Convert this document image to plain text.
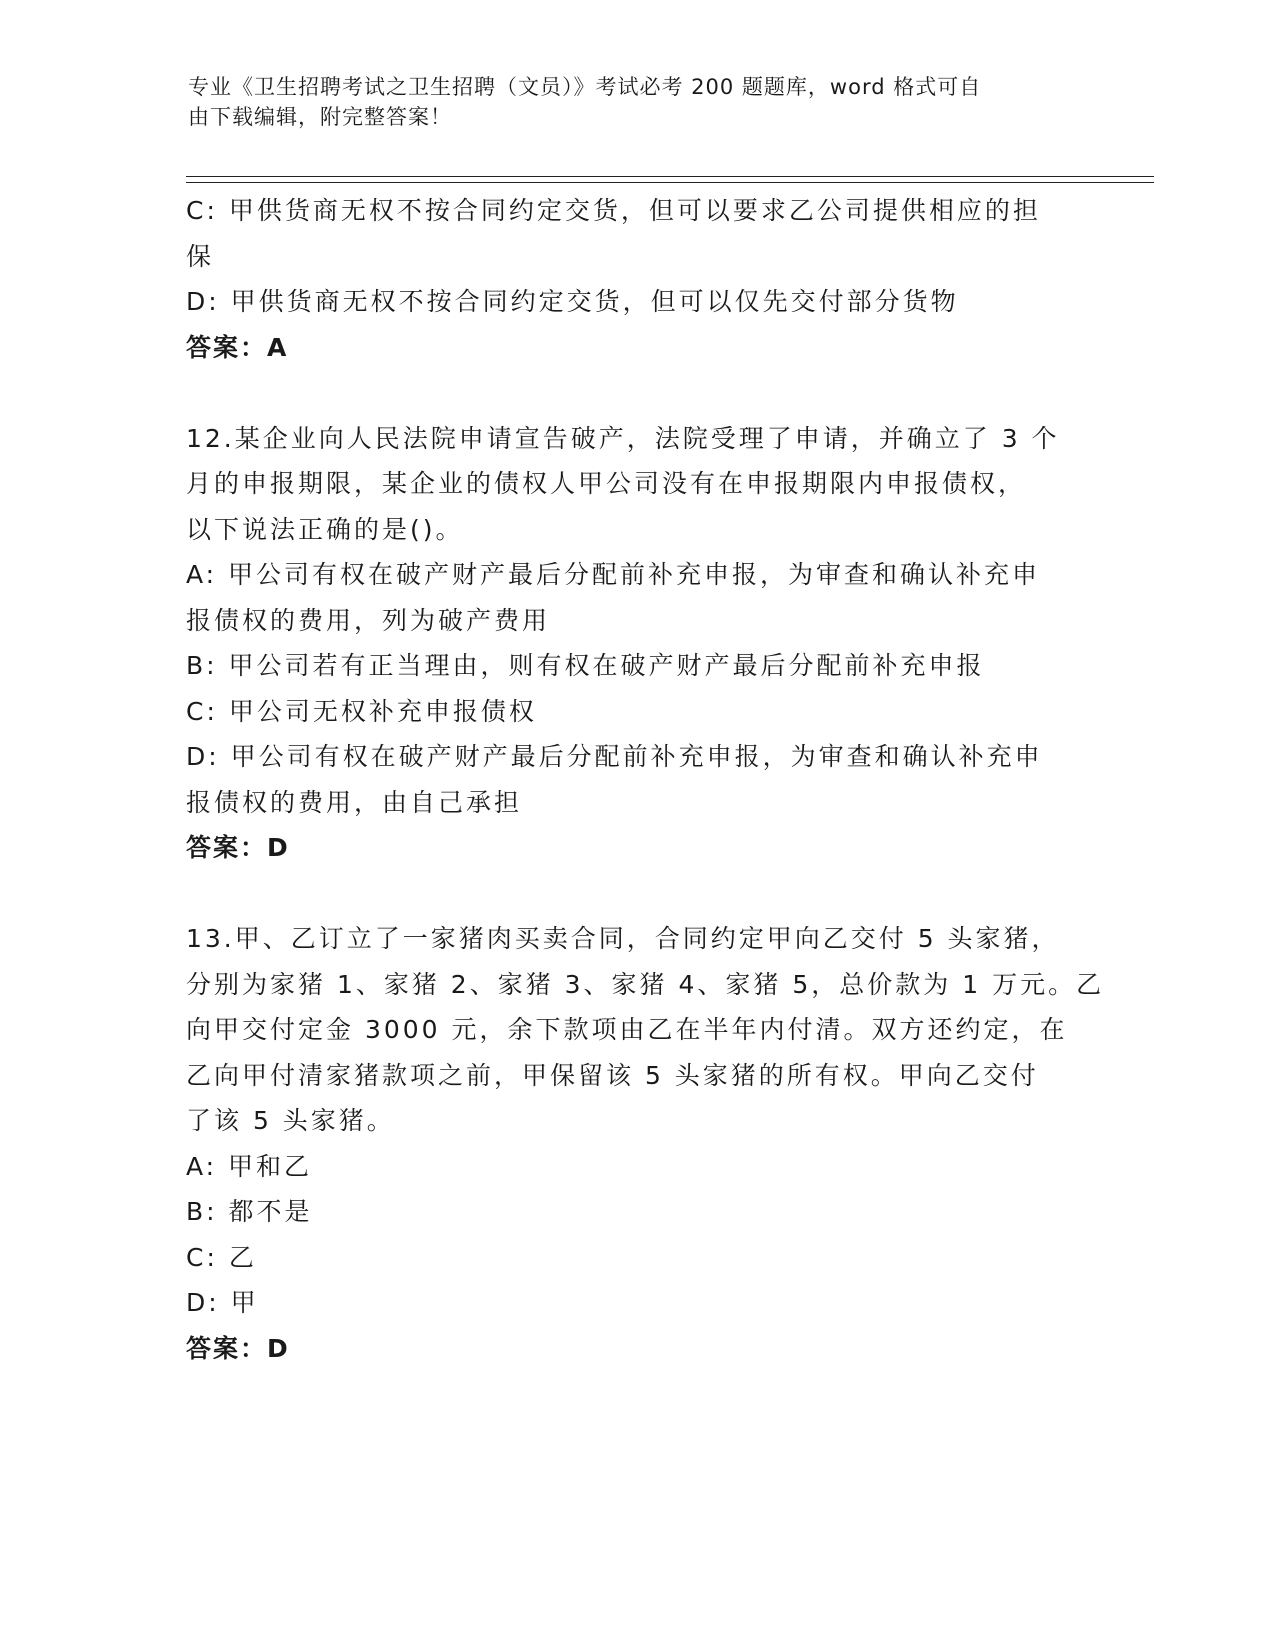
专业《卫生招聘考试之卫生招聘（文员）》考试必考 200 题题库，word 格式可自
由下载编辑，附完整答案！
C: 甲供货商无权不按合同约定交货，但可以要求乙公司提供相应的担
保
D: 甲供货商无权不按合同约定交货，但可以仅先交付部分货物
答案：A
12.某企业向人民法院申请宣告破产，法院受理了申请，并确立了 3 个
月的申报期限，某企业的债权人甲公司没有在申报期限内申报债权，
以下说法正确的是()。
A: 甲公司有权在破产财产最后分配前补充申报，为审查和确认补充申
报债权的费用，列为破产费用
B: 甲公司若有正当理由，则有权在破产财产最后分配前补充申报
C: 甲公司无权补充申报债权
D: 甲公司有权在破产财产最后分配前补充申报，为审查和确认补充申
报债权的费用，由自己承担
答案：D
13.甲、乙订立了一家猪肉买卖合同，合同约定甲向乙交付 5 头家猪，
分别为家猪 1、家猪 2、家猪 3、家猪 4、家猪 5，总价款为 1 万元。乙
向甲交付定金 3000 元，余下款项由乙在半年内付清。双方还约定，在
乙向甲付清家猪款项之前，甲保留该 5 头家猪的所有权。甲向乙交付
了该 5 头家猪。
A: 甲和乙
B: 都不是
C: 乙
D: 甲
答案：D
